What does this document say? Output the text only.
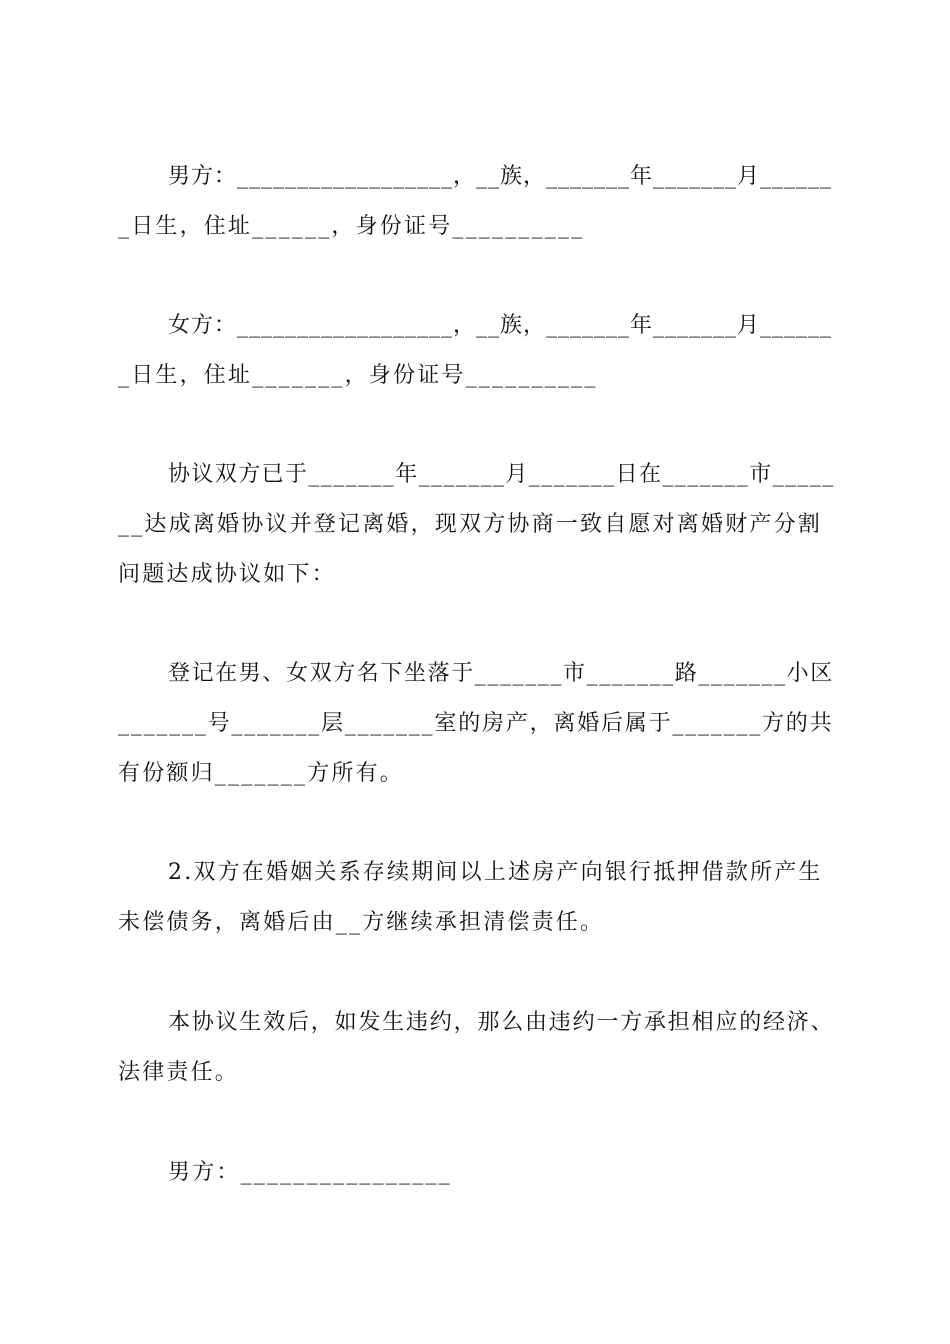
男方：__________________，__族，_______年_______月______
_日生，住址______，身份证号__________
女方：__________________，__族，_______年_______月______
_日生，住址_______，身份证号__________
协议双方已于_______年_______月_______日在_______市_____
__达成离婚协议并登记离婚，现双方协商一致自愿对离婚财产分割
问题达成协议如下：
登记在男、女双方名下坐落于_______市_______路_______小区
_______号_______层_______室的房产，离婚后属于_______方的共
有份额归_______方所有。
2.双方在婚姻关系存续期间以上述房产向银行抵押借款所产生
未偿债务，离婚后由__方继续承担清偿责任。
本协议生效后，如发生违约，那么由违约一方承担相应的经济、
法律责任。
男方：________________
